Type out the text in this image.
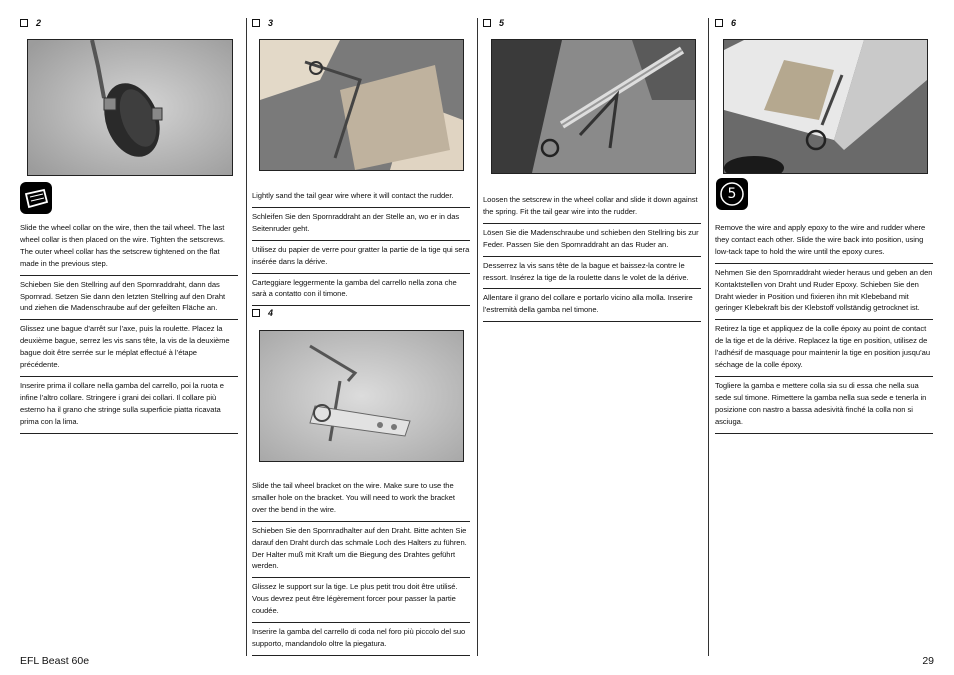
2

Slide the wheel collar on the wire, then the tail wheel. The last wheel collar is then placed on the wire. Tighten the setscrews. The outer wheel collar has the setscrew tightened on the flat made in the previous step.

Schieben Sie den Stellring auf den Spornraddraht, dann das Spornrad. Setzen Sie dann den letzten Stellring auf den Draht und ziehen die Madenschraube auf der gefeilten Fläche an.

Glissez une bague d’arrêt sur l’axe, puis la roulette. Placez la deuxième bague, serrez les vis sans tête, la vis de la deuxième bague doit être serrée sur le méplat effectué à l’étape précédente.

Inserire prima il collare nella gamba del carrello, poi la ruota e infine l’altro collare. Stringere i grani dei collari. Il collare più esterno ha il grano che stringe sulla superficie piatta ricavata prima con la lima.

3

Lightly sand the tail gear wire where it will contact the rudder.

Schleifen Sie den Spornraddraht an der Stelle an, wo er in das Seitenruder geht.

Utilisez du papier de verre pour gratter la partie de la tige qui sera insérée dans la dérive.

Carteggiare leggermente la gamba del carrello nella zona che sarà a contatto con il timone.

4

Slide the tail wheel bracket on the wire. Make sure to use the smaller hole on the bracket. You will need to work the bracket over the bend in the wire.

Schieben Sie den Spornradhalter auf den Draht. Bitte achten Sie darauf den Draht durch das schmale Loch des Halters zu führen. Der Halter muß mit Kraft um die Biegung des Drahtes geführt werden.

Glissez le support sur la tige. Le plus petit trou doit être utilisé. Vous devrez peut être légèrement forcer pour passer la partie coudée.

Inserire la gamba del carrello di coda nel foro più piccolo del suo supporto, mandandolo oltre la piegatura.

5

Loosen the setscrew in the wheel collar and slide it down against the spring. Fit the tail gear wire into the rudder.

Lösen Sie die Madenschraube und schieben den Stellring bis zur Feder. Passen Sie den Spornraddraht an das Ruder an.

Desserrez la vis sans tête de la bague et baissez-la contre le ressort. Insérez la tige de la roulette dans le volet de la dérive.

Allentare il grano del collare e portarlo vicino alla molla. Inserire l’estremità della gamba nel timone.

6
5

Remove the wire and apply epoxy to the wire and rudder where they contact each other. Slide the wire back into position, using low-tack tape to hold the wire until the epoxy cures.

Nehmen Sie den Spornraddraht wieder heraus und geben an den Kontaktstellen von Draht und Ruder Epoxy. Schieben Sie den Draht wieder in Position und fixieren ihn mit Klebeband mit geringer Klebekraft bis der Klebstoff vollständig getrocknet ist.

Retirez la tige et appliquez de la colle époxy au point de contact de la tige et de la dérive. Replacez la tige en position, utilisez de l’adhésif de masquage pour maintenir la tige en position jusqu’au séchage de la colle époxy.

Togliere la gamba e mettere colla sia su di essa che nella sua sede sul timone. Rimettere la gamba nella sua sede e tenerla in posizione con nastro a bassa adesività finché la colla non si asciuga.

EFL Beast 60e	29
